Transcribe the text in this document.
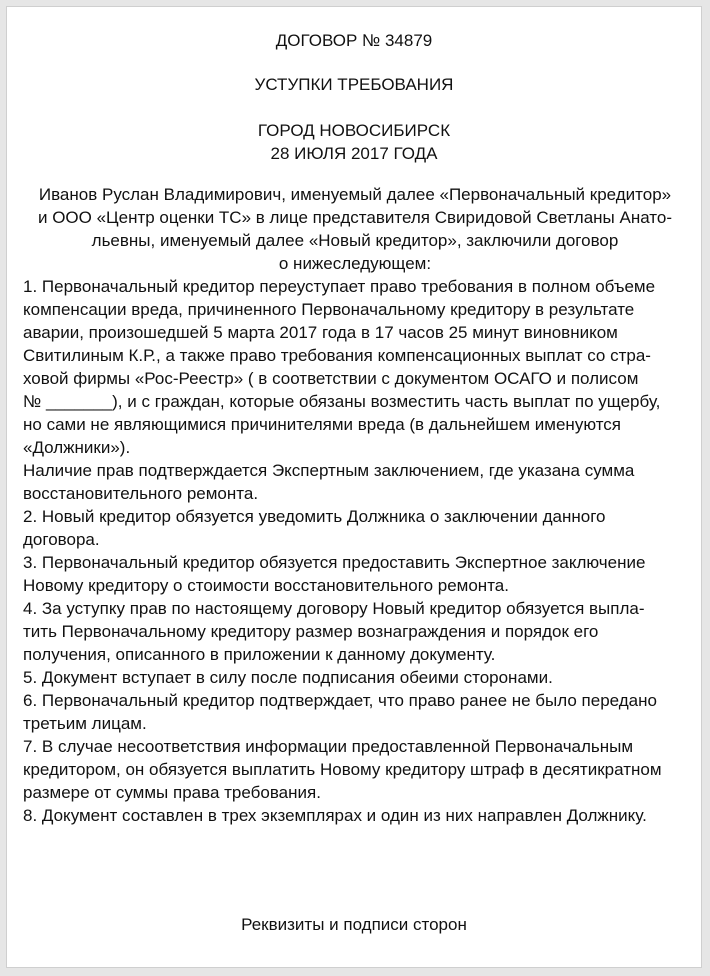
ДОГОВОР № 34879
УСТУПКИ ТРЕБОВАНИЯ
ГОРОД НОВОСИБИРСК
28 ИЮЛЯ 2017 ГОДА
Иванов Руслан Владимирович, именуемый далее «Первоначальный кредитор»
и ООО «Центр оценки ТС» в лице представителя Свиридовой Светланы Анато-
льевны, именуемый далее «Новый кредитор», заключили договор
о нижеследующем:
1. Первоначальный кредитор переуступает право требования в полном объеме
компенсации вреда, причиненного Первоначальному кредитору в результате
аварии, произошедшей 5 марта 2017 года в 17 часов 25 минут виновником
Свитилиным К.Р., а также право требования компенсационных выплат со стра-
ховой фирмы «Рос-Реестр» ( в соответствии с документом ОСАГО и полисом
№ _______), и с граждан, которые обязаны возместить часть выплат по ущербу,
но сами не являющимися причинителями вреда (в дальнейшем именуются
«Должники»).
Наличие прав подтверждается Экспертным заключением, где указана сумма
восстановительного ремонта.
2. Новый кредитор обязуется уведомить Должника о заключении данного
договора.
3. Первоначальный кредитор обязуется предоставить Экспертное заключение
Новому кредитору о стоимости восстановительного ремонта.
4. За уступку прав по настоящему договору Новый кредитор обязуется выпла-
тить Первоначальному кредитору размер вознаграждения и порядок его
получения, описанного в приложении к данному документу.
5. Документ вступает в силу после подписания обеими сторонами.
6. Первоначальный кредитор подтверждает, что право ранее не было передано
третьим лицам.
7. В случае несоответствия информации предоставленной Первоначальным
кредитором, он обязуется выплатить Новому кредитору штраф в десятикратном
размере от суммы права требования.
8. Документ составлен в трех экземплярах и один из них направлен Должнику.
Реквизиты и подписи сторон
